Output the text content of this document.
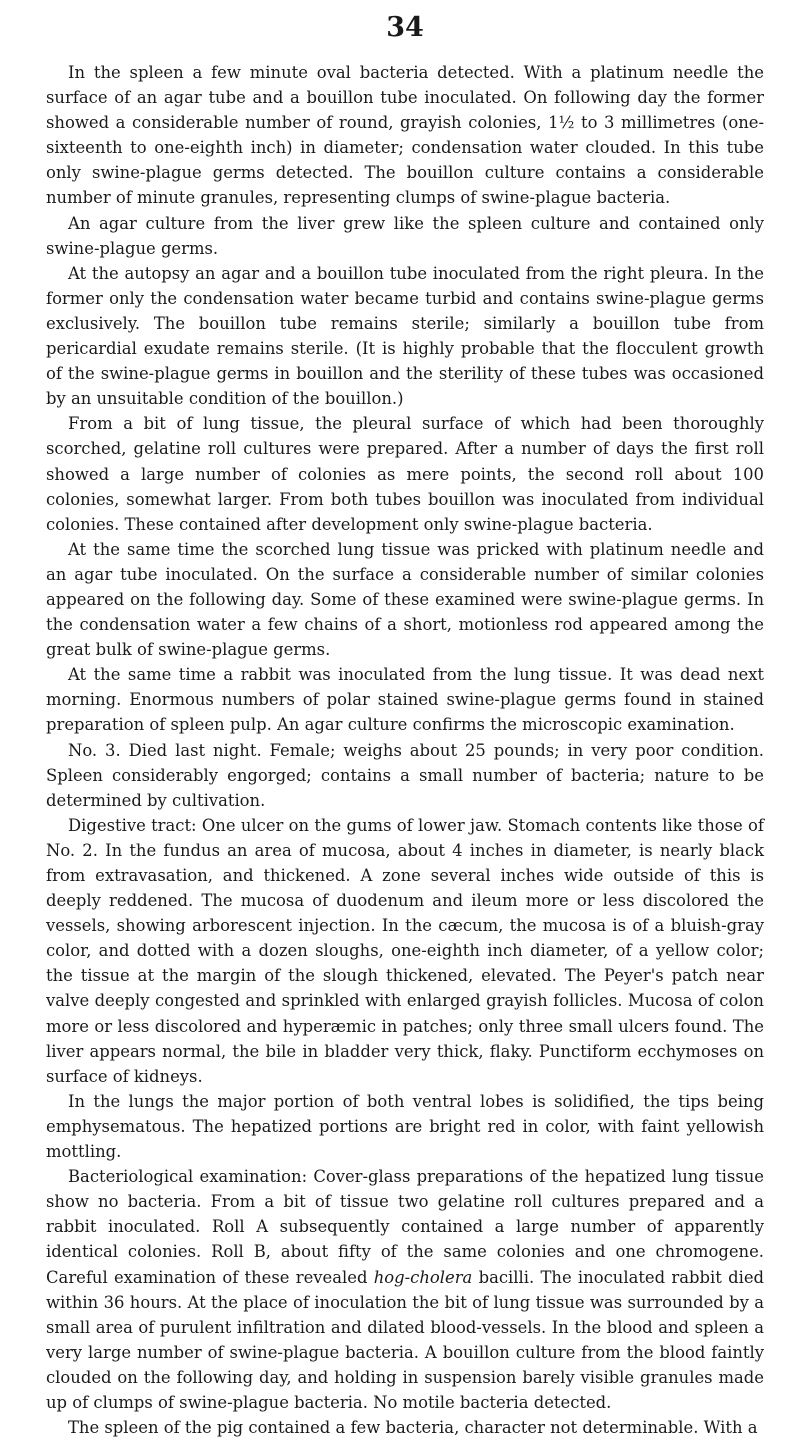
34

In the spleen a few minute oval bacteria detected. With a platinum needle the surface of an agar tube and a bouillon tube inoculated. On following day the former showed a considerable number of round, grayish colonies, 1½ to 3 millimetres (one-sixteenth to one-eighth inch) in diameter; condensation water clouded. In this tube only swine-plague germs detected. The bouillon culture contains a considerable number of minute granules, representing clumps of swine-plague bacteria.

An agar culture from the liver grew like the spleen culture and contained only swine-plague germs.

At the autopsy an agar and a bouillon tube inoculated from the right pleura. In the former only the condensation water became turbid and contains swine-plague germs exclusively. The bouillon tube remains sterile; similarly a bouillon tube from pericardial exudate remains sterile. (It is highly probable that the flocculent growth of the swine-plague germs in bouillon and the sterility of these tubes was occasioned by an unsuitable condition of the bouillon.)

From a bit of lung tissue, the pleural surface of which had been thoroughly scorched, gelatine roll cultures were prepared. After a number of days the first roll showed a large number of colonies as mere points, the second roll about 100 colonies, somewhat larger. From both tubes bouillon was inoculated from individual colonies. These contained after development only swine-plague bacteria.

At the same time the scorched lung tissue was pricked with platinum needle and an agar tube inoculated. On the surface a considerable number of similar colonies appeared on the following day. Some of these examined were swine-plague germs. In the condensation water a few chains of a short, motionless rod appeared among the great bulk of swine-plague germs.

At the same time a rabbit was inoculated from the lung tissue. It was dead next morning. Enormous numbers of polar stained swine-plague germs found in stained preparation of spleen pulp. An agar culture confirms the microscopic examination.

No. 3. Died last night. Female; weighs about 25 pounds; in very poor condition. Spleen considerably engorged; contains a small number of bacteria; nature to be determined by cultivation.

Digestive tract: One ulcer on the gums of lower jaw. Stomach contents like those of No. 2. In the fundus an area of mucosa, about 4 inches in diameter, is nearly black from extravasation, and thickened. A zone several inches wide outside of this is deeply reddened. The mucosa of duodenum and ileum more or less discolored the vessels, showing arborescent injection. In the cæcum, the mucosa is of a bluish-gray color, and dotted with a dozen sloughs, one-eighth inch diameter, of a yellow color; the tissue at the margin of the slough thickened, elevated. The Peyer's patch near valve deeply congested and sprinkled with enlarged grayish follicles. Mucosa of colon more or less discolored and hyperæmic in patches; only three small ulcers found. The liver appears normal, the bile in bladder very thick, flaky. Punctiform ecchymoses on surface of kidneys.

In the lungs the major portion of both ventral lobes is solidified, the tips being emphysematous. The hepatized portions are bright red in color, with faint yellowish mottling.

Bacteriological examination: Cover-glass preparations of the hepatized lung tissue show no bacteria. From a bit of tissue two gelatine roll cultures prepared and a rabbit inoculated. Roll A subsequently contained a large number of apparently identical colonies. Roll B, about fifty of the same colonies and one chromogene. Careful examination of these revealed hog-cholera bacilli. The inoculated rabbit died within 36 hours. At the place of inoculation the bit of lung tissue was surrounded by a small area of purulent infiltration and dilated blood-vessels. In the blood and spleen a very large number of swine-plague bacteria. A bouillon culture from the blood faintly clouded on the following day, and holding in suspension barely visible granules made up of clumps of swine-plague bacteria. No motile bacteria detected.

The spleen of the pig contained a few bacteria, character not determinable. With a
